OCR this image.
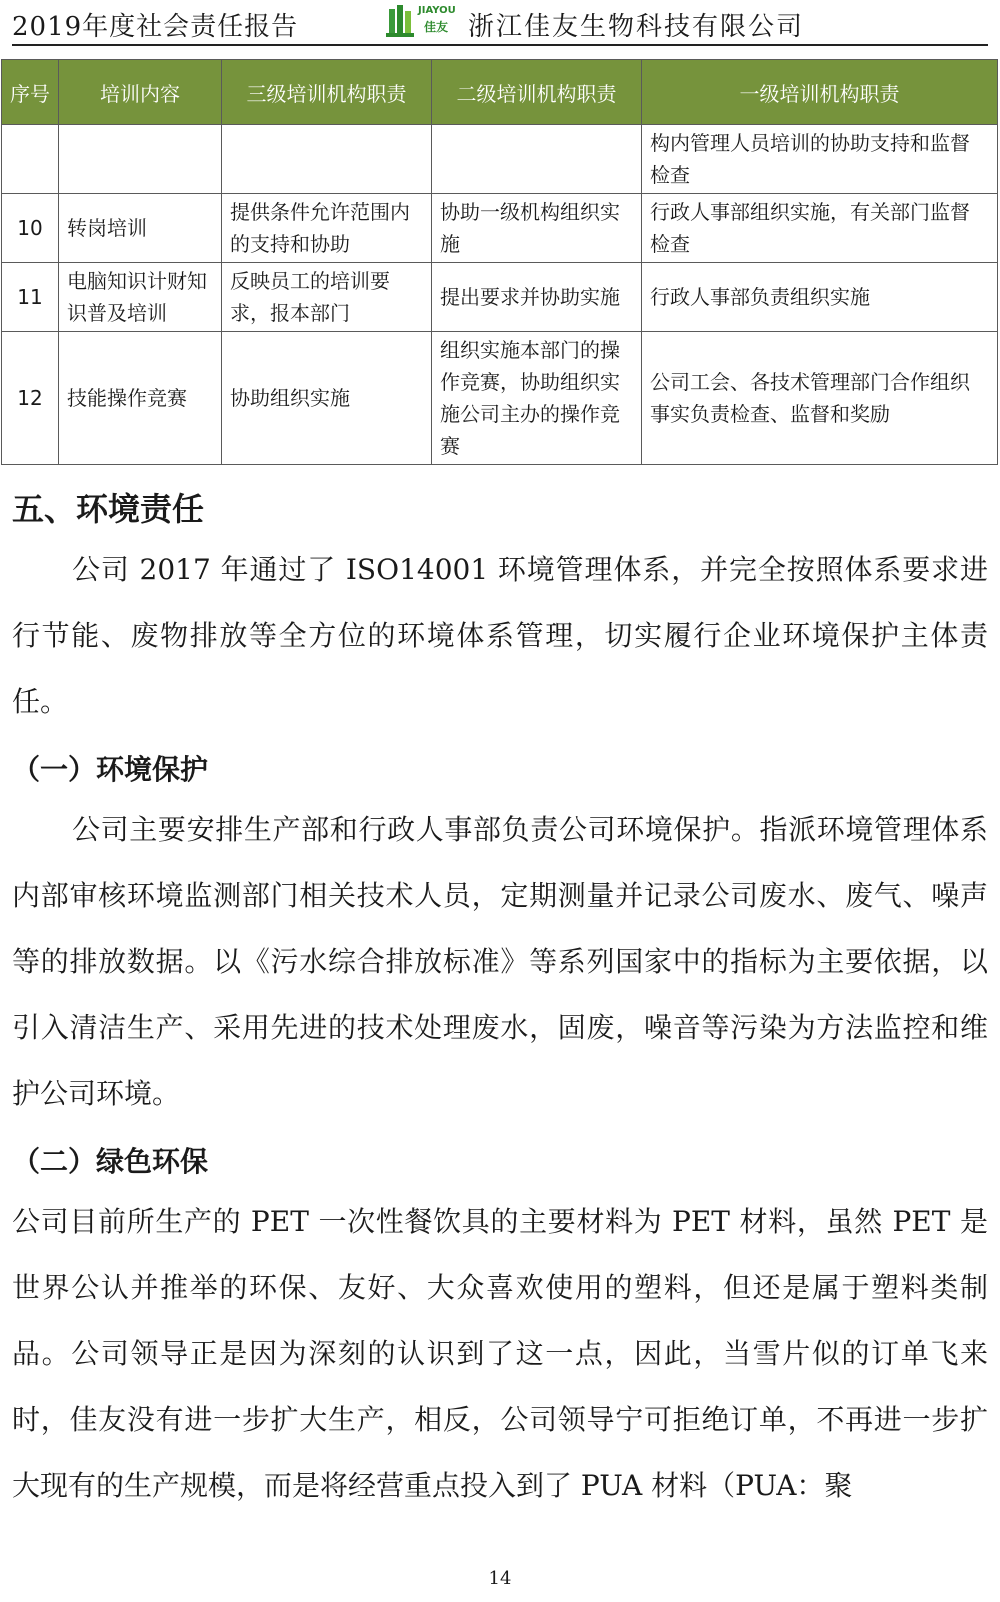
2019年度社会责任报告
JIAYOU
佳友 浙江佳友生物科技有限公司
序号	培训内容	三级培训机构职责	二级培训机构职责	一级培训机构职责
				构内管理人员培训的协助支持和监督检查
10	转岗培训	提供条件允许范围内的支持和协助	协助一级机构组织实施	行政人事部组织实施，有关部门监督检查
11	电脑知识计财知识普及培训	反映员工的培训要求，报本部门	提出要求并协助实施	行政人事部负责组织实施
12	技能操作竞赛	协助组织实施	组织实施本部门的操作竞赛，协助组织实施公司主办的操作竞赛	公司工会、各技术管理部门合作组织事实负责检查、监督和奖励
五、环境责任

公司 2017 年通过了 ISO14001 环境管理体系，并完全按照体系要求进行节能、废物排放等全方位的环境体系管理，切实履行企业环境保护主体责任。

（一）环境保护

公司主要安排生产部和行政人事部负责公司环境保护。指派环境管理体系内部审核环境监测部门相关技术人员，定期测量并记录公司废水、废气、噪声等的排放数据。以《污水综合排放标准》等系列国家中的指标为主要依据，以引入清洁生产、采用先进的技术处理废水，固废，噪音等污染为方法监控和维护公司环境。

（二）绿色环保

公司目前所生产的 PET 一次性餐饮具的主要材料为 PET 材料，虽然 PET 是世界公认并推举的环保、友好、大众喜欢使用的塑料，但还是属于塑料类制品。公司领导正是因为深刻的认识到了这一点，因此，当雪片似的订单飞来时，佳友没有进一步扩大生产，相反，公司领导宁可拒绝订单，不再进一步扩大现有的生产规模，而是将经营重点投入到了 PUA 材料（PUA：聚

14
